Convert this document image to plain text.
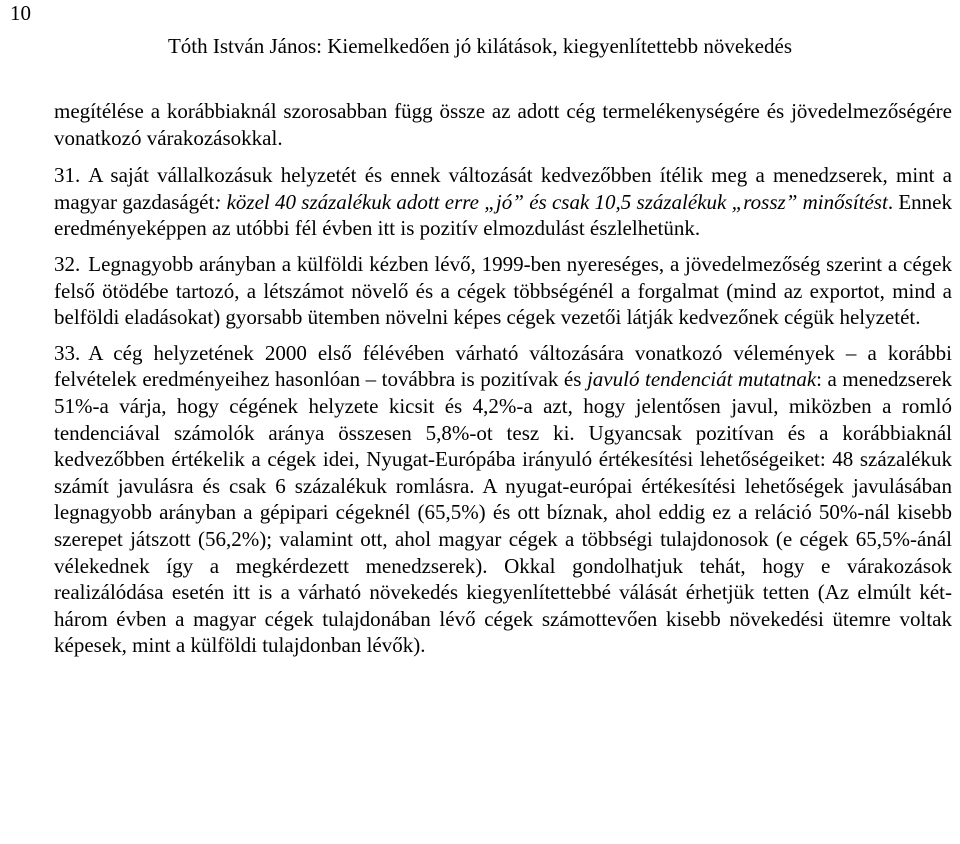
10
Tóth István János: Kiemelkedően jó kilátások, kiegyenlítettebb növekedés

megítélése a korábbiaknál szorosabban függ össze az adott cég termelékenységére és jövedelmezőségére vonatkozó várakozásokkal.

31. A saját vállalkozásuk helyzetét és ennek változását kedvezőbben ítélik meg a menedzserek, mint a magyar gazdaságét: közel 40 százalékuk adott erre „jó” és csak 10,5 százalékuk „rossz” minősítést. Ennek eredményeképpen az utóbbi fél évben itt is pozitív elmozdulást észlelhetünk.

32. Legnagyobb arányban a külföldi kézben lévő, 1999-ben nyereséges, a jövedelmezőség szerint a cégek felső ötödébe tartozó, a létszámot növelő és a cégek többségénél a forgalmat (mind az exportot, mind a belföldi eladásokat) gyorsabb ütemben növelni képes cégek vezetői látják kedvezőnek cégük helyzetét.

33. A cég helyzetének 2000 első félévében várható változására vonatkozó vélemények – a korábbi felvételek eredményeihez hasonlóan – továbbra is pozitívak és javuló tendenciát mutatnak: a menedzserek 51%-a várja, hogy cégének helyzete kicsit és 4,2%-a azt, hogy jelentősen javul, miközben a romló tendenciával számolók aránya összesen 5,8%-ot tesz ki. Ugyancsak pozitívan és a korábbiaknál kedvezőbben értékelik a cégek idei, Nyugat-Európába irányuló értékesítési lehetőségeiket: 48 százalékuk számít javulásra és csak 6 százalékuk romlásra. A nyugat-európai értékesítési lehetőségek javulásában legnagyobb arányban a gépipari cégeknél (65,5%) és ott bíznak, ahol eddig ez a reláció 50%-nál kisebb szerepet játszott (56,2%); valamint ott, ahol magyar cégek a többségi tulajdonosok (e cégek 65,5%-ánál vélekednek így a megkérdezett menedzserek). Okkal gondolhatjuk tehát, hogy e várakozások realizálódása esetén itt is a várható növekedés kiegyenlítettebbé válását érhetjük tetten (Az elmúlt két-három évben a magyar cégek tulajdonában lévő cégek számottevően kisebb növekedési ütemre voltak képesek, mint a külföldi tulajdonban lévők).
